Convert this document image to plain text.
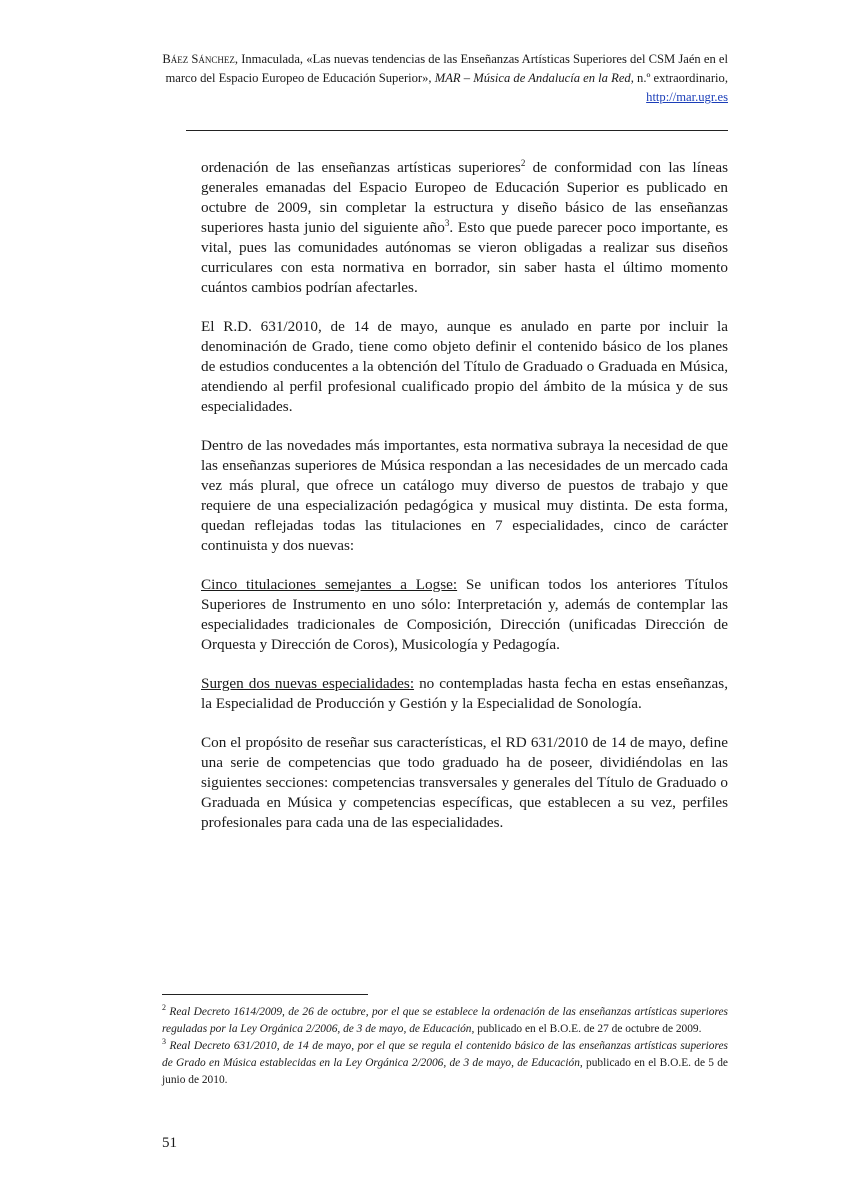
Báez Sánchez, Inmaculada, «Las nuevas tendencias de las Enseñanzas Artísticas Superiores del CSM Jaén en el marco del Espacio Europeo de Educación Superior», MAR – Música de Andalucía en la Red, n.º extraordinario, http://mar.ugr.es

ordenación de las enseñanzas artísticas superiores$^2$ de conformidad con las líneas generales emanadas del Espacio Europeo de Educación Superior es publicado en octubre de 2009, sin completar la estructura y diseño básico de las enseñanzas superiores hasta junio del siguiente año$^3$. Esto que puede parecer poco importante, es vital, pues las comunidades autónomas se vieron obligadas a realizar sus diseños curriculares con esta normativa en borrador, sin saber hasta el último momento cuántos cambios podrían afectarles.

El R.D. 631/2010, de 14 de mayo, aunque es anulado en parte por incluir la denominación de Grado, tiene como objeto definir el contenido básico de los planes de estudios conducentes a la obtención del Título de Graduado o Graduada en Música, atendiendo al perfil profesional cualificado propio del ámbito de la música y de sus especialidades.

Dentro de las novedades más importantes, esta normativa subraya la necesidad de que las enseñanzas superiores de Música respondan a las necesidades de un mercado cada vez más plural, que ofrece un catálogo muy diverso de puestos de trabajo y que requiere de una especialización pedagógica y musical muy distinta. De esta forma, quedan reflejadas todas las titulaciones en 7 especialidades, cinco de carácter continuista y dos nuevas:

Cinco titulaciones semejantes a Logse: Se unifican todos los anteriores Títulos Superiores de Instrumento en uno sólo: Interpretación y, además de contemplar las especialidades tradicionales de Composición, Dirección (unificadas Dirección de Orquesta y Dirección de Coros), Musicología y Pedagogía.

Surgen dos nuevas especialidades: no contempladas hasta fecha en estas enseñanzas, la Especialidad de Producción y Gestión y la Especialidad de Sonología.

Con el propósito de reseñar sus características, el RD 631/2010 de 14 de mayo, define una serie de competencias que todo graduado ha de poseer, dividiéndolas en las siguientes secciones: competencias transversales y generales del Título de Graduado o Graduada en Música y competencias específicas, que establecen a su vez, perfiles profesionales para cada una de las especialidades.

$^2$ Real Decreto 1614/2009, de 26 de octubre, por el que se establece la ordenación de las enseñanzas artísticas superiores reguladas por la Ley Orgánica 2/2006, de 3 de mayo, de Educación, publicado en el B.O.E. de 27 de octubre de 2009.

$^3$ Real Decreto 631/2010, de 14 de mayo, por el que se regula el contenido básico de las enseñanzas artísticas superiores de Grado en Música establecidas en la Ley Orgánica 2/2006, de 3 de mayo, de Educación, publicado en el B.O.E. de 5 de junio de 2010.

51
